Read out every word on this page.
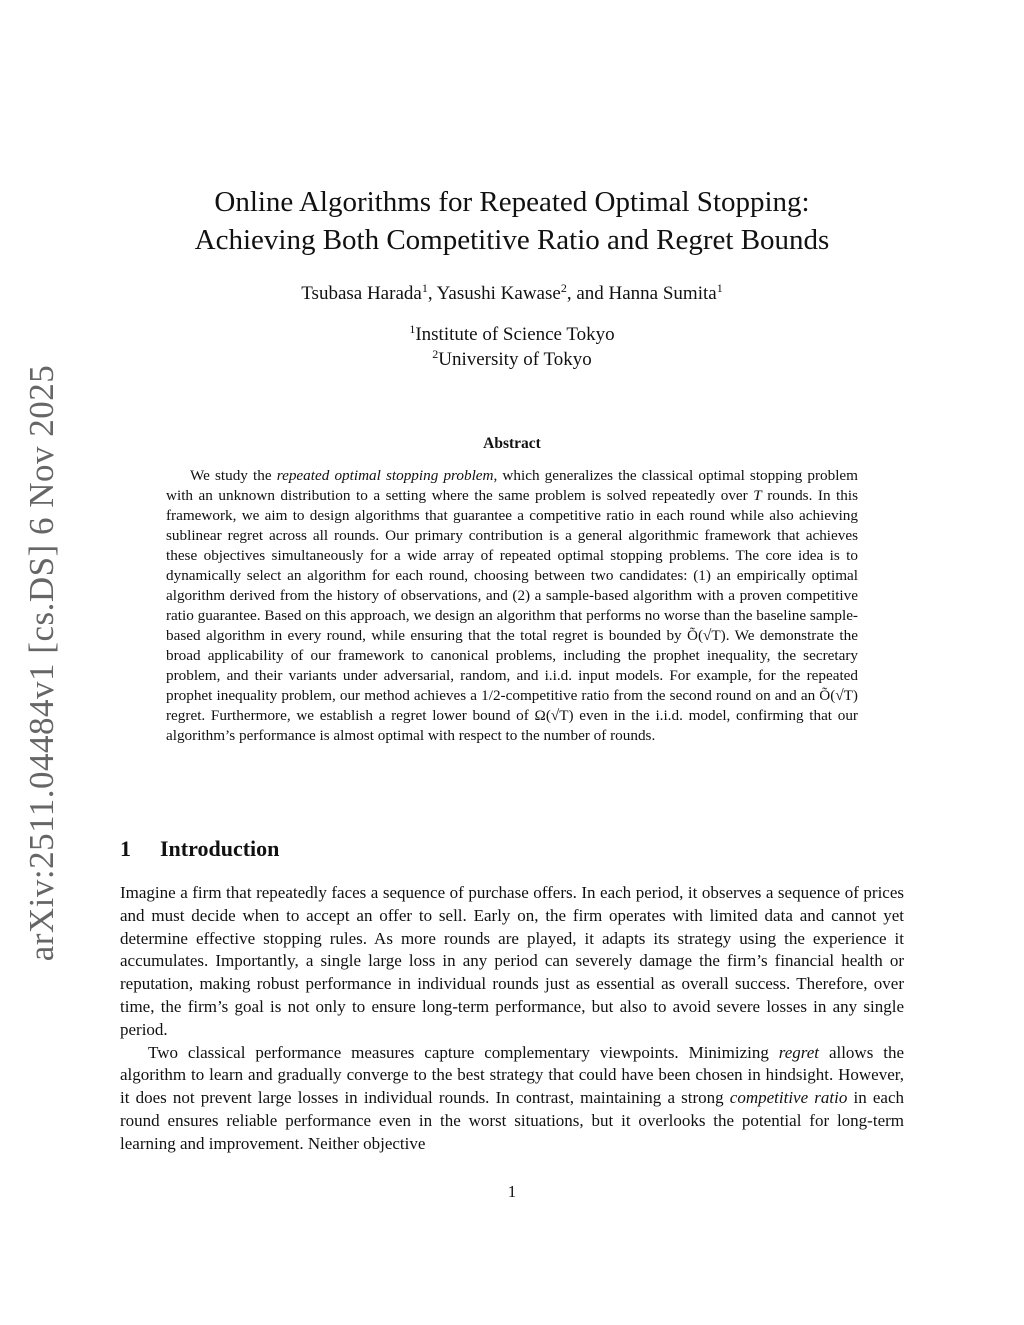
arXiv:2511.04484v1 [cs.DS] 6 Nov 2025
Online Algorithms for Repeated Optimal Stopping:
Achieving Both Competitive Ratio and Regret Bounds
Tsubasa Harada$^1$, Yasushi Kawase$^2$, and Hanna Sumita$^1$
$^1$Institute of Science Tokyo
$^2$University of Tokyo
Abstract
We study the repeated optimal stopping problem, which generalizes the classical optimal stopping problem with an unknown distribution to a setting where the same problem is solved repeatedly over T rounds. In this framework, we aim to design algorithms that guarantee a competitive ratio in each round while also achieving sublinear regret across all rounds. Our primary contribution is a general algorithmic framework that achieves these objectives simultaneously for a wide array of repeated optimal stopping problems. The core idea is to dynamically select an algorithm for each round, choosing between two candidates: (1) an empirically optimal algorithm derived from the history of observations, and (2) a sample-based algorithm with a proven competitive ratio guarantee. Based on this approach, we design an algorithm that performs no worse than the baseline sample-based algorithm in every round, while ensuring that the total regret is bounded by Õ(√T). We demonstrate the broad applicability of our framework to canonical problems, including the prophet inequality, the secretary problem, and their variants under adversarial, random, and i.i.d. input models. For example, for the repeated prophet inequality problem, our method achieves a 1/2-competitive ratio from the second round on and an Õ(√T) regret. Furthermore, we establish a regret lower bound of Ω(√T) even in the i.i.d. model, confirming that our algorithm’s performance is almost optimal with respect to the number of rounds.
1 Introduction

Imagine a firm that repeatedly faces a sequence of purchase offers. In each period, it observes a sequence of prices and must decide when to accept an offer to sell. Early on, the firm operates with limited data and cannot yet determine effective stopping rules. As more rounds are played, it adapts its strategy using the experience it accumulates. Importantly, a single large loss in any period can severely damage the firm’s financial health or reputation, making robust performance in individual rounds just as essential as overall success. Therefore, over time, the firm’s goal is not only to ensure long-term performance, but also to avoid severe losses in any single period.

Two classical performance measures capture complementary viewpoints. Minimizing regret allows the algorithm to learn and gradually converge to the best strategy that could have been chosen in hindsight. However, it does not prevent large losses in individual rounds. In contrast, maintaining a strong competitive ratio in each round ensures reliable performance even in the worst situations, but it overlooks the potential for long-term learning and improvement. Neither objective

1
